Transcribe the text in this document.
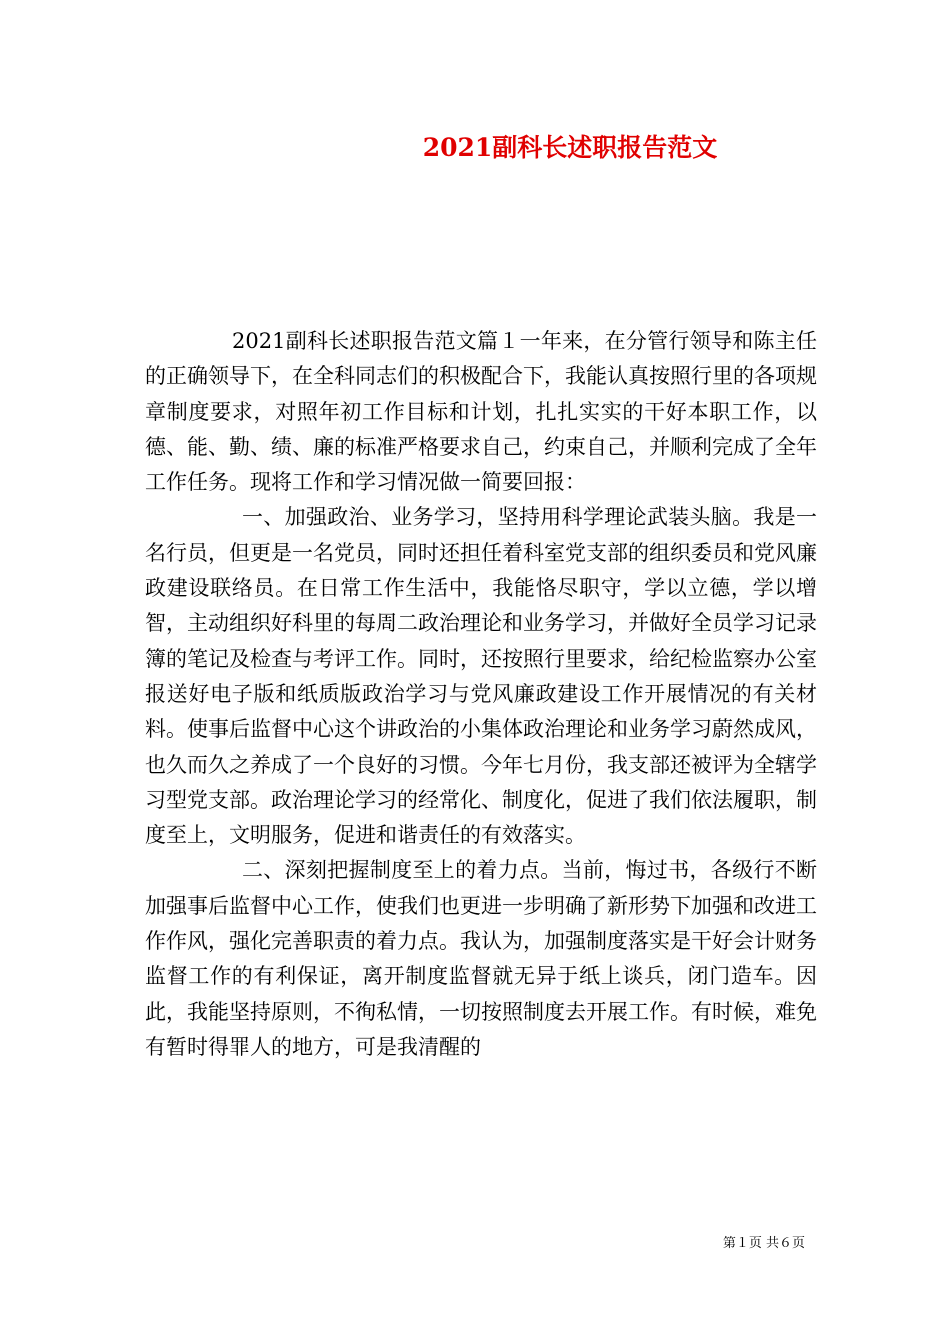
2021副科长述职报告范文

2021副科长述职报告范文篇１一年来，在分管行领导和陈主任的正确领导下，在全科同志们的积极配合下，我能认真按照行里的各项规章制度要求，对照年初工作目标和计划，扎扎实实的干好本职工作，以德、能、勤、绩、廉的标准严格要求自己，约束自己，并顺利完成了全年工作任务。现将工作和学习情况做一简要回报：

一、加强政治、业务学习，坚持用科学理论武装头脑。我是一名行员，但更是一名党员，同时还担任着科室党支部的组织委员和党风廉政建设联络员。在日常工作生活中，我能恪尽职守，学以立德，学以增智，主动组织好科里的每周二政治理论和业务学习，并做好全员学习记录簿的笔记及检查与考评工作。同时，还按照行里要求，给纪检监察办公室报送好电子版和纸质版政治学习与党风廉政建设工作开展情况的有关材料。使事后监督中心这个讲政治的小集体政治理论和业务学习蔚然成风，也久而久之养成了一个良好的习惯。今年七月份，我支部还被评为全辖学习型党支部。政治理论学习的经常化、制度化，促进了我们依法履职，制度至上，文明服务，促进和谐责任的有效落实。

二、深刻把握制度至上的着力点。当前，悔过书，各级行不断加强事后监督中心工作，使我们也更进一步明确了新形势下加强和改进工作作风，强化完善职责的着力点。我认为，加强制度落实是干好会计财务监督工作的有利保证，离开制度监督就无异于纸上谈兵，闭门造车。因此，我能坚持原则，不徇私情，一切按照制度去开展工作。有时候，难免有暂时得罪人的地方，可是我清醒的

第１页 共６页
